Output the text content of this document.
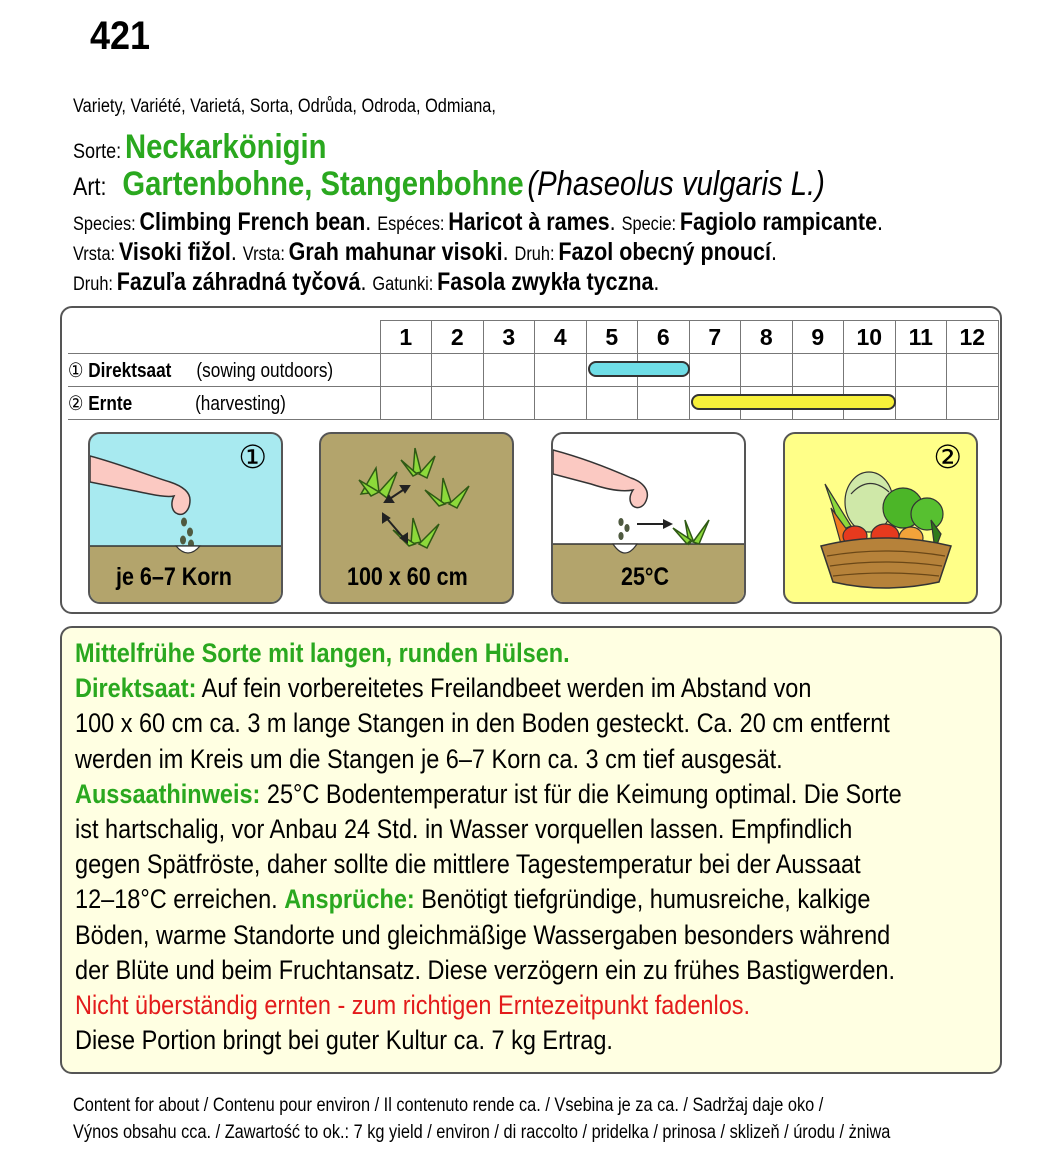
421
Variety, Variété, Varietá, Sorta, Odrůda, Odroda, Odmiana,
Sorte: Neckarkönigin
Art: Gartenbohne, Stangenbohne (Phaseolus vulgaris L.)
Species: Climbing French bean. Espéces: Haricot à rames. Specie: Fagiolo rampicante.
Vrsta: Visoki fižol. Vrsta: Grah mahunar visoki. Druh: Fazol obecný pnoucí.
Druh: Fazuľa záhradná tyčová. Gatunki: Fasola zwykła tyczna.
	1	2	3	4	5	6	7	8	9	10	11	12
① Direktsaat (sowing outdoors)					

② Ernte (harvesting)							

①
je 6–7 Korn	100 x 60 cm	25°C
②
Mittelfrühe Sorte mit langen, runden Hülsen.
Direktsaat: Auf fein vorbereitetes Freilandbeet werden im Abstand von
100 x 60 cm ca. 3 m lange Stangen in den Boden gesteckt. Ca. 20 cm entfernt
werden im Kreis um die Stangen je 6–7 Korn ca. 3 cm tief ausgesät.
Aussaathinweis: 25°C Bodentemperatur ist für die Keimung optimal. Die Sorte
ist hartschalig, vor Anbau 24 Std. in Wasser vorquellen lassen. Empfindlich
gegen Spätfröste, daher sollte die mittlere Tagestemperatur bei der Aussaat
12–18°C erreichen. Ansprüche: Benötigt tiefgründige, humusreiche, kalkige
Böden, warme Standorte und gleichmäßige Wassergaben besonders während
der Blüte und beim Fruchtansatz. Diese verzögern ein zu frühes Bastigwerden.
Nicht überständig ernten - zum richtigen Erntezeitpunkt fadenlos.
Diese Portion bringt bei guter Kultur ca. 7 kg Ertrag.
Content for about / Contenu pour environ / Il contenuto rende ca. / Vsebina je za ca. / Sadržaj daje oko /
Výnos obsahu cca. / Zawartość to ok.: 7 kg yield / environ / di raccolto / pridelka / prinosa / sklizeň / úrodu / żniwa
